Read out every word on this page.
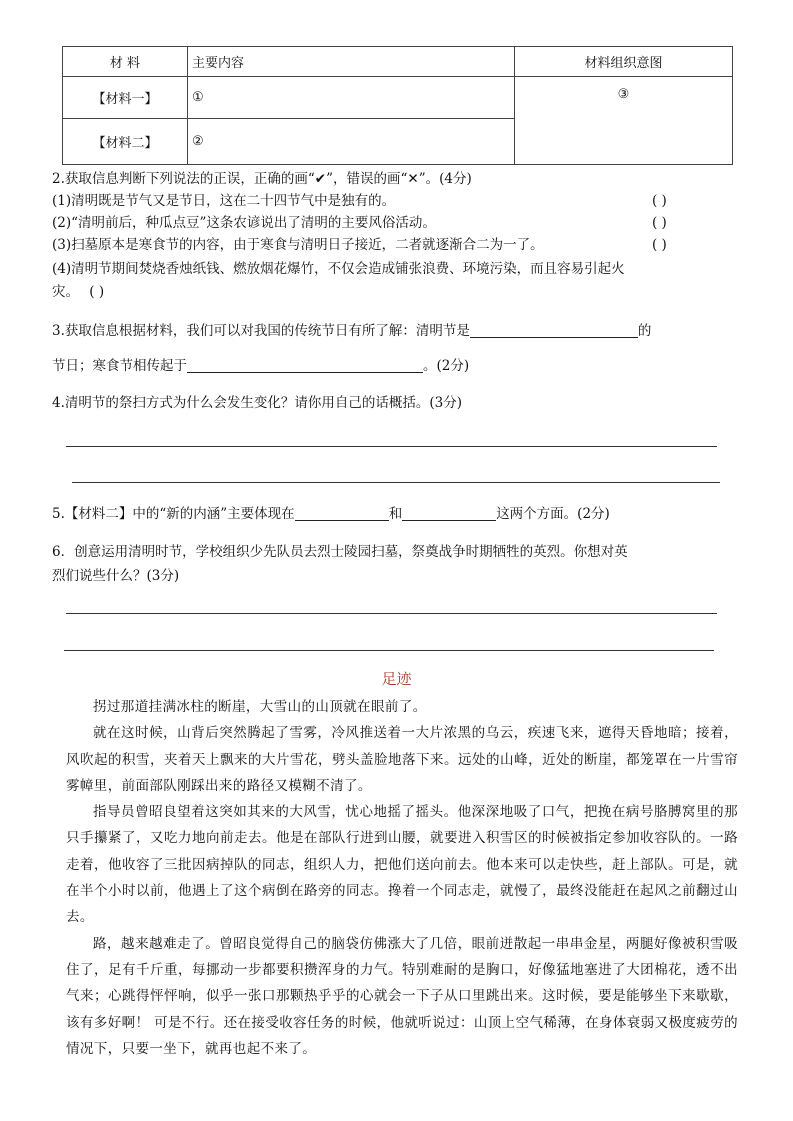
材 料	主要内容	材料组织意图
【材料一】	①	③

【材料二】	②	
2.获取信息判断下列说法的正误，正确的画“✔”，错误的画“✕”。(4分)
(1)清明既是节气又是节日，这在二十四节气中是独有的。	( )
(2)“清明前后，种瓜点豆”这条农谚说出了清明的主要风俗活动。	( )
(3)扫墓原本是寒食节的内容，由于寒食与清明日子接近，二者就逐渐合二为一了。	( )
(4)清明节期间焚烧香烛纸钱、燃放烟花爆竹，不仅会造成铺张浪费、环境污染，而且容易引起火
灾。 ( )
3.获取信息根据材料，我们可以对我国的传统节日有所了解：清明节是	的
节日；寒食节相传起于	。(2分)
4.清明节的祭扫方式为什么会发生变化？请你用自己的话概括。(3分)
5.【材料二】中的“新的内涵”主要体现在	和	这两个方面。(2分)
6．创意运用清明时节，学校组织少先队员去烈士陵园扫墓，祭奠战争时期牺牲的英烈。你想对英
烈们说些什么？(3分)
足迹

拐过那道挂满冰柱的断崖，大雪山的山顶就在眼前了。

就在这时候，山背后突然腾起了雪雾，冷风推送着一大片浓黑的乌云，疾速飞来，遮得天昏地暗；接着，风吹起的积雪，夹着天上飘来的大片雪花，劈头盖脸地落下来。远处的山峰，近处的断崖，都笼罩在一片雪帘雾幛里，前面部队刚踩出来的路径又模糊不清了。

指导员曾昭良望着这突如其来的大风雪，忧心地摇了摇头。他深深地吸了口气，把挽在病号胳膊窝里的那只手攥紧了，又吃力地向前走去。他是在部队行进到山腰，就要进入积雪区的时候被指定参加收容队的。一路走着，他收容了三批因病掉队的同志，组织人力，把他们送向前去。他本来可以走快些，赶上部队。可是，就在半个小时以前，他遇上了这个病倒在路旁的同志。搀着一个同志走，就慢了，最终没能赶在起风之前翻过山去。

路，越来越难走了。曾昭良觉得自己的脑袋仿佛涨大了几倍，眼前迸散起一串串金星，两腿好像被积雪吸住了，足有千斤重，每挪动一步都要积攒浑身的力气。特别难耐的是胸口，好像猛地塞进了大团棉花，透不出气来；心跳得怦怦响，似乎一张口那颗热乎乎的心就会一下子从口里跳出来。这时候，要是能够坐下来歇歇，该有多好啊！ 可是不行。还在接受收容任务的时候，他就听说过：山顶上空气稀薄，在身体衰弱又极度疲劳的情况下，只要一坐下，就再也起不来了。
